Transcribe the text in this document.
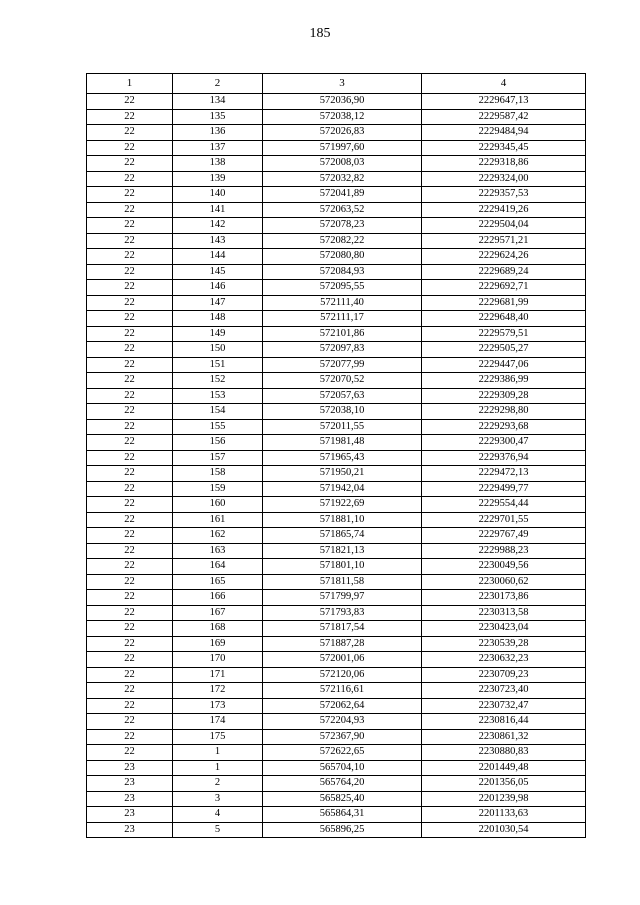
185
1	2	3	4
22	134	572036,90	2229647,13
22	135	572038,12	2229587,42
22	136	572026,83	2229484,94
22	137	571997,60	2229345,45
22	138	572008,03	2229318,86
22	139	572032,82	2229324,00
22	140	572041,89	2229357,53
22	141	572063,52	2229419,26
22	142	572078,23	2229504,04
22	143	572082,22	2229571,21
22	144	572080,80	2229624,26
22	145	572084,93	2229689,24
22	146	572095,55	2229692,71
22	147	572111,40	2229681,99
22	148	572111,17	2229648,40
22	149	572101,86	2229579,51
22	150	572097,83	2229505,27
22	151	572077,99	2229447,06
22	152	572070,52	2229386,99
22	153	572057,63	2229309,28
22	154	572038,10	2229298,80
22	155	572011,55	2229293,68
22	156	571981,48	2229300,47
22	157	571965,43	2229376,94
22	158	571950,21	2229472,13
22	159	571942,04	2229499,77
22	160	571922,69	2229554,44
22	161	571881,10	2229701,55
22	162	571865,74	2229767,49
22	163	571821,13	2229988,23
22	164	571801,10	2230049,56
22	165	571811,58	2230060,62
22	166	571799,97	2230173,86
22	167	571793,83	2230313,58
22	168	571817,54	2230423,04
22	169	571887,28	2230539,28
22	170	572001,06	2230632,23
22	171	572120,06	2230709,23
22	172	572116,61	2230723,40
22	173	572062,64	2230732,47
22	174	572204,93	2230816,44
22	175	572367,90	2230861,32
22	1	572622,65	2230880,83
23	1	565704,10	2201449,48
23	2	565764,20	2201356,05
23	3	565825,40	2201239,98
23	4	565864,31	2201133,63
23	5	565896,25	2201030,54
